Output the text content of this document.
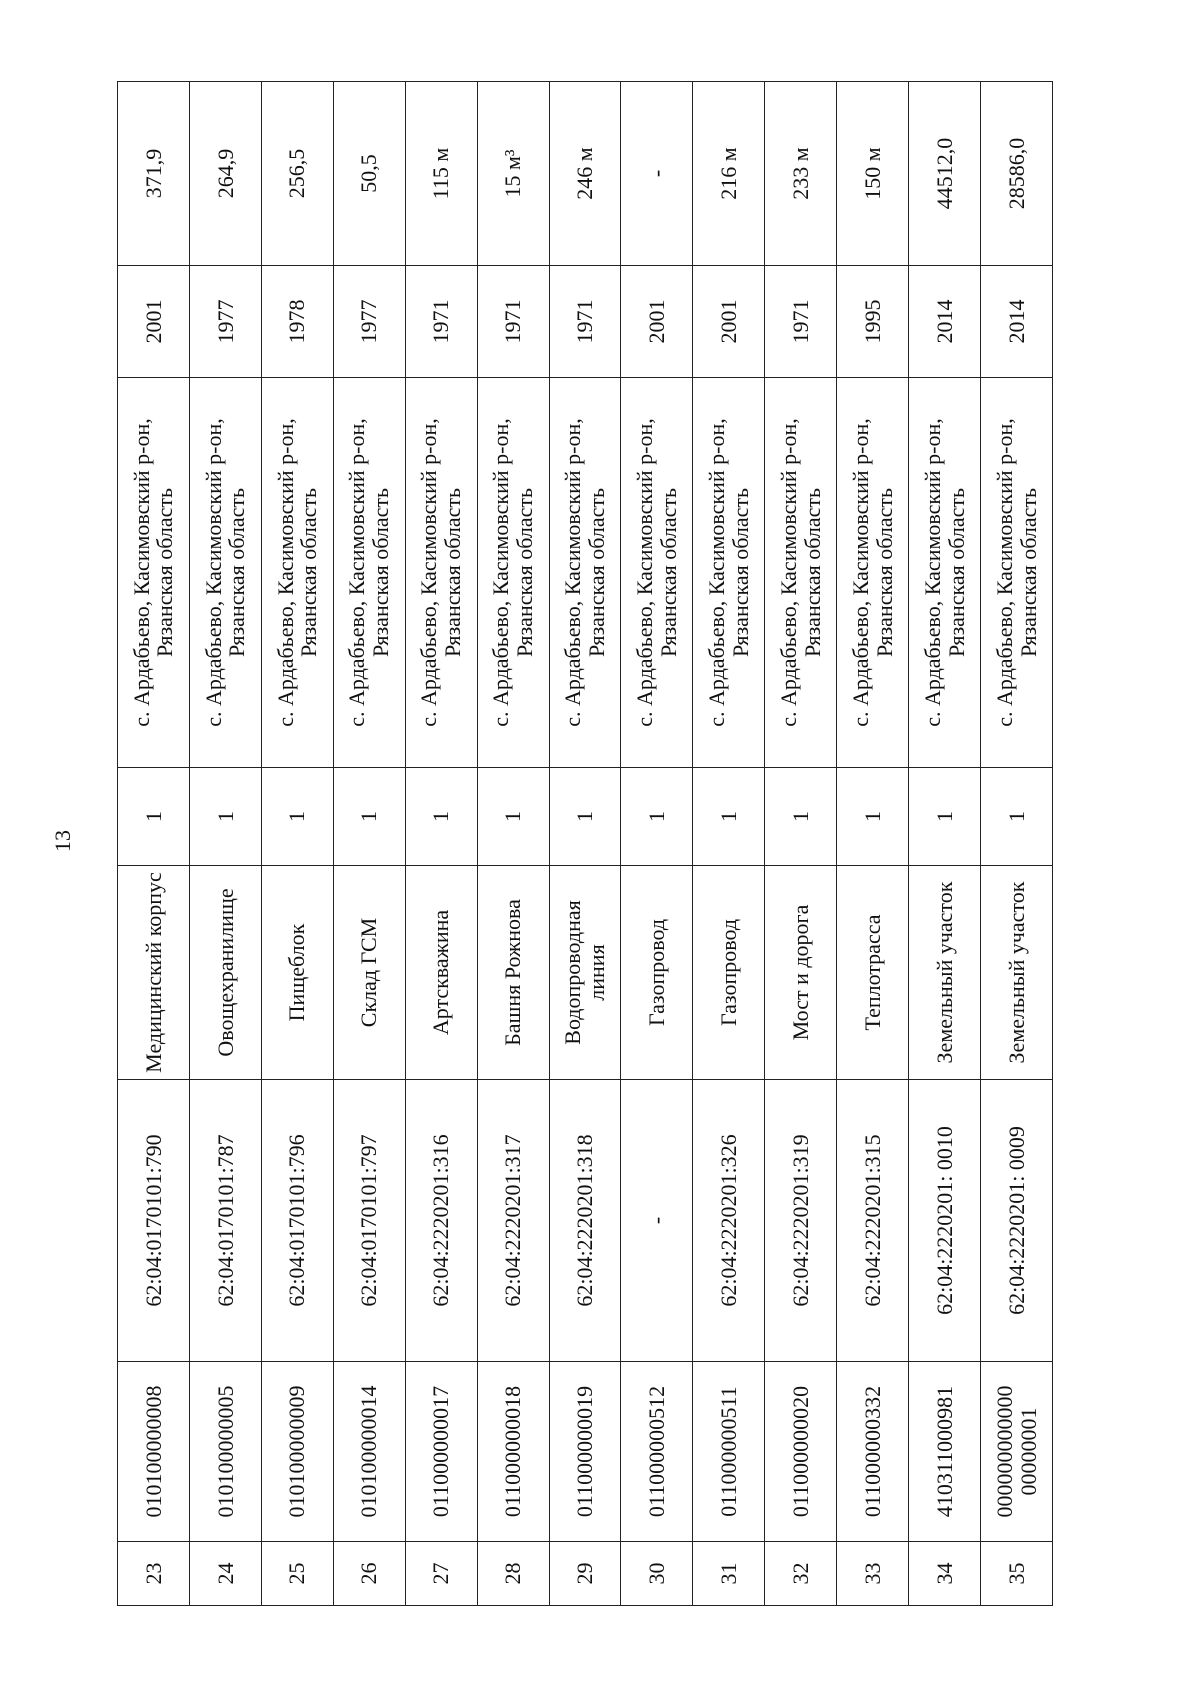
13
23	010100000008	62:04:0170101:790	Медицинский корпус	1	с. Ардабьево, Касимовский р-он, Рязанская область	2001	371,9
24	010100000005	62:04:0170101:787	Овощехранилище	1	с. Ардабьево, Касимовский р-он, Рязанская область	1977	264,9
25	010100000009	62:04:0170101:796	Пищеблок	1	с. Ардабьево, Касимовский р-он, Рязанская область	1978	256,5
26	010100000014	62:04:0170101:797	Склад ГСМ	1	с. Ардабьево, Касимовский р-он, Рязанская область	1977	50,5
27	011000000017	62:04:2220201:316	Артскважина	1	с. Ардабьево, Касимовский р-он, Рязанская область	1971	115 м
28	011000000018	62:04:2220201:317	Башня Рожнова	1	с. Ардабьево, Касимовский р-он, Рязанская область	1971	15 м³
29	011000000019	62:04:2220201:318	Водопроводная линия	1	с. Ардабьево, Касимовский р-он, Рязанская область	1971	246 м
30	011000000512	-	Газопровод	1	с. Ардабьево, Касимовский р-он, Рязанская область	2001	-
31	011000000511	62:04:2220201:326	Газопровод	1	с. Ардабьево, Касимовский р-он, Рязанская область	2001	216 м
32	011000000020	62:04:2220201:319	Мост и дорога	1	с. Ардабьево, Касимовский р-он, Рязанская область	1971	233 м
33	011000000332	62:04:2220201:315	Теплотрасса	1	с. Ардабьево, Касимовский р-он, Рязанская область	1995	150 м
34	410311000981	62:04:2220201: 0010	Земельный участок	1	с. Ардабьево, Касимовский р-он, Рязанская область	2014	44512,0
35	000000000000 00000001	62:04:2220201: 0009	Земельный участок	1	с. Ардабьево, Касимовский р-он, Рязанская область	2014	28586,0
